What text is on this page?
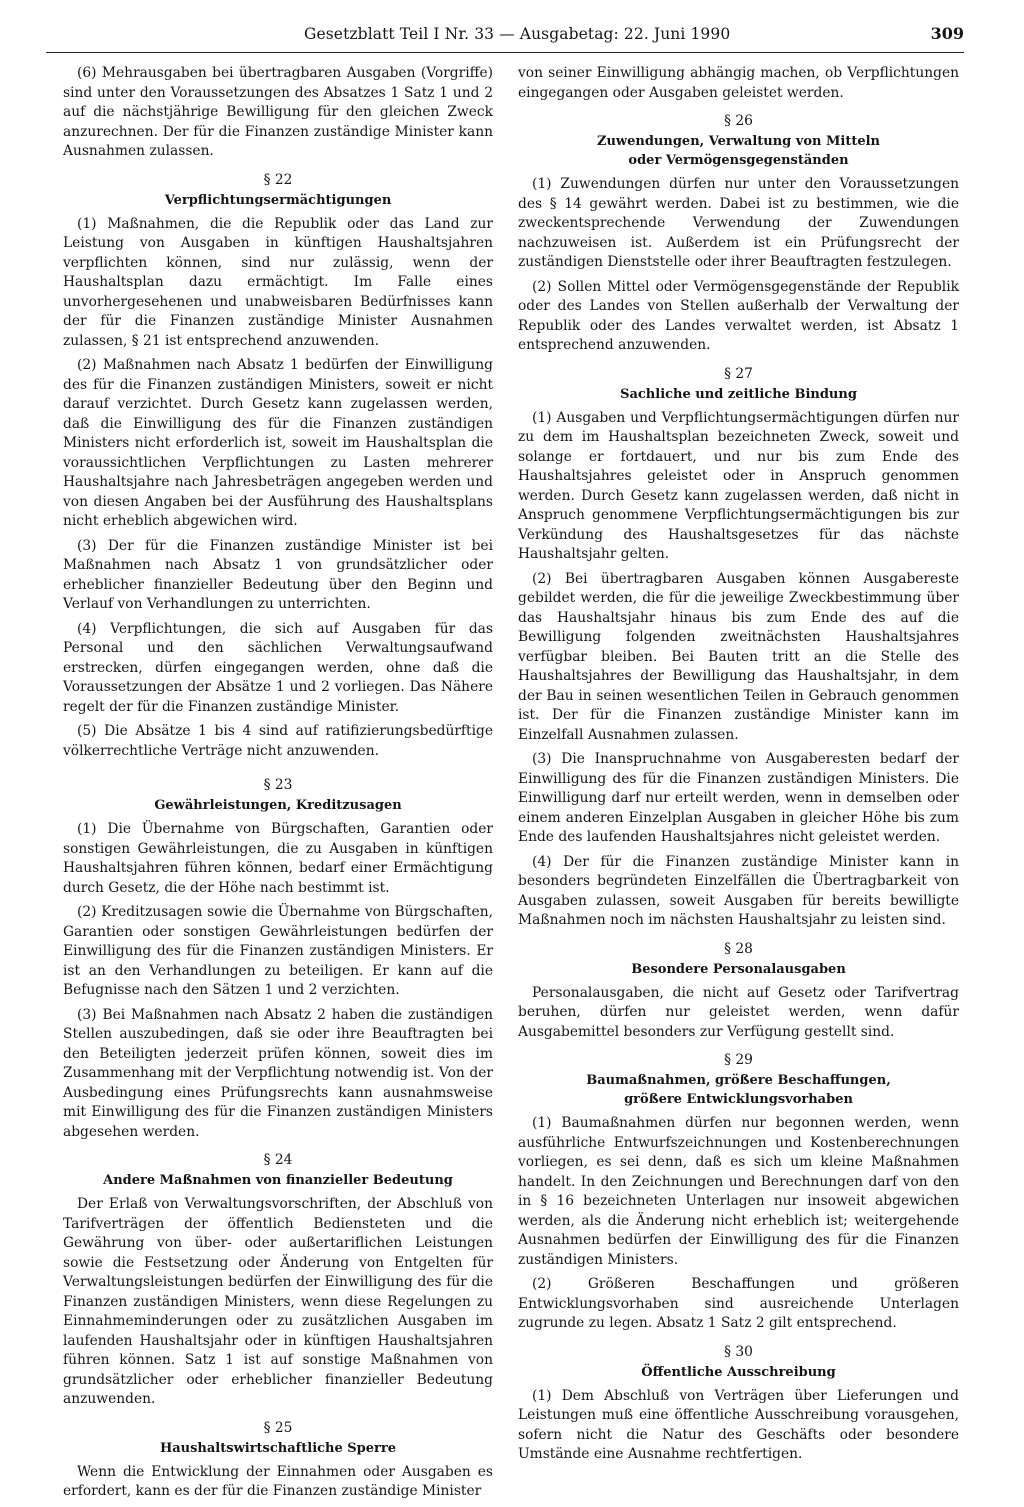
Gesetzblatt Teil I Nr. 33 — Ausgabetag: 22. Juni 1990	309

(6) Mehrausgaben bei übertragbaren Ausgaben (Vorgriffe) sind unter den Voraussetzungen des Absatzes 1 Satz 1 und 2 auf die nächstjährige Bewilligung für den gleichen Zweck anzurechnen. Der für die Finanzen zuständige Minister kann Ausnahmen zulassen.

§ 22
Verpflichtungsermächtigungen

(1) Maßnahmen, die die Republik oder das Land zur Leistung von Ausgaben in künftigen Haushaltsjahren verpflichten können, sind nur zulässig, wenn der Haushaltsplan dazu ermächtigt. Im Falle eines unvorhergesehenen und unabweisbaren Bedürfnisses kann der für die Finanzen zuständige Minister Ausnahmen zulassen, § 21 ist entsprechend anzuwenden.

(2) Maßnahmen nach Absatz 1 bedürfen der Einwilligung des für die Finanzen zuständigen Ministers, soweit er nicht darauf verzichtet. Durch Gesetz kann zugelassen werden, daß die Einwilligung des für die Finanzen zuständigen Ministers nicht erforderlich ist, soweit im Haushaltsplan die voraussichtlichen Verpflichtungen zu Lasten mehrerer Haushaltsjahre nach Jahresbeträgen angegeben werden und von diesen Angaben bei der Ausführung des Haushaltsplans nicht erheblich abgewichen wird.

(3) Der für die Finanzen zuständige Minister ist bei Maßnahmen nach Absatz 1 von grundsätzlicher oder erheblicher finanzieller Bedeutung über den Beginn und Verlauf von Verhandlungen zu unterrichten.

(4) Verpflichtungen, die sich auf Ausgaben für das Personal und den sächlichen Verwaltungsaufwand erstrecken, dürfen eingegangen werden, ohne daß die Voraussetzungen der Absätze 1 und 2 vorliegen. Das Nähere regelt der für die Finanzen zuständige Minister.

(5) Die Absätze 1 bis 4 sind auf ratifizierungsbedürftige völkerrechtliche Verträge nicht anzuwenden.

§ 23
Gewährleistungen, Kreditzusagen

(1) Die Übernahme von Bürgschaften, Garantien oder sonstigen Gewährleistungen, die zu Ausgaben in künftigen Haushaltsjahren führen können, bedarf einer Ermächtigung durch Gesetz, die der Höhe nach bestimmt ist.

(2) Kreditzusagen sowie die Übernahme von Bürgschaften, Garantien oder sonstigen Gewährleistungen bedürfen der Einwilligung des für die Finanzen zuständigen Ministers. Er ist an den Verhandlungen zu beteiligen. Er kann auf die Befugnisse nach den Sätzen 1 und 2 verzichten.

(3) Bei Maßnahmen nach Absatz 2 haben die zuständigen Stellen auszubedingen, daß sie oder ihre Beauftragten bei den Beteiligten jederzeit prüfen können, soweit dies im Zusammenhang mit der Verpflichtung notwendig ist. Von der Ausbedingung eines Prüfungsrechts kann ausnahmsweise mit Einwilligung des für die Finanzen zuständigen Ministers abgesehen werden.

§ 24
Andere Maßnahmen von finanzieller Bedeutung

Der Erlaß von Verwaltungsvorschriften, der Abschluß von Tarifverträgen der öffentlich Bediensteten und die Gewährung von über- oder außertariflichen Leistungen sowie die Festsetzung oder Änderung von Entgelten für Verwaltungsleistungen bedürfen der Einwilligung des für die Finanzen zuständigen Ministers, wenn diese Regelungen zu Einnahmeminderungen oder zu zusätzlichen Ausgaben im laufenden Haushaltsjahr oder in künftigen Haushaltsjahren führen können. Satz 1 ist auf sonstige Maßnahmen von grundsätzlicher oder erheblicher finanzieller Bedeutung anzuwenden.

§ 25
Haushaltswirtschaftliche Sperre

Wenn die Entwicklung der Einnahmen oder Ausgaben es erfordert, kann es der für die Finanzen zuständige Minister

von seiner Einwilligung abhängig machen, ob Verpflichtungen eingegangen oder Ausgaben geleistet werden.

§ 26
Zuwendungen, Verwaltung von Mitteln
oder Vermögensgegenständen

(1) Zuwendungen dürfen nur unter den Voraussetzungen des § 14 gewährt werden. Dabei ist zu bestimmen, wie die zweckentsprechende Verwendung der Zuwendungen nachzuweisen ist. Außerdem ist ein Prüfungsrecht der zuständigen Dienststelle oder ihrer Beauftragten festzulegen.

(2) Sollen Mittel oder Vermögensgegenstände der Republik oder des Landes von Stellen außerhalb der Verwaltung der Republik oder des Landes verwaltet werden, ist Absatz 1 entsprechend anzuwenden.

§ 27
Sachliche und zeitliche Bindung

(1) Ausgaben und Verpflichtungsermächtigungen dürfen nur zu dem im Haushaltsplan bezeichneten Zweck, soweit und solange er fortdauert, und nur bis zum Ende des Haushaltsjahres geleistet oder in Anspruch genommen werden. Durch Gesetz kann zugelassen werden, daß nicht in Anspruch genommene Verpflichtungsermächtigungen bis zur Verkündung des Haushaltsgesetzes für das nächste Haushaltsjahr gelten.

(2) Bei übertragbaren Ausgaben können Ausgabereste gebildet werden, die für die jeweilige Zweckbestimmung über das Haushaltsjahr hinaus bis zum Ende des auf die Bewilligung folgenden zweitnächsten Haushaltsjahres verfügbar bleiben. Bei Bauten tritt an die Stelle des Haushaltsjahres der Bewilligung das Haushaltsjahr, in dem der Bau in seinen wesentlichen Teilen in Gebrauch genommen ist. Der für die Finanzen zuständige Minister kann im Einzelfall Ausnahmen zulassen.

(3) Die Inanspruchnahme von Ausgaberesten bedarf der Einwilligung des für die Finanzen zuständigen Ministers. Die Einwilligung darf nur erteilt werden, wenn in demselben oder einem anderen Einzelplan Ausgaben in gleicher Höhe bis zum Ende des laufenden Haushaltsjahres nicht geleistet werden.

(4) Der für die Finanzen zuständige Minister kann in besonders begründeten Einzelfällen die Übertragbarkeit von Ausgaben zulassen, soweit Ausgaben für bereits bewilligte Maßnahmen noch im nächsten Haushaltsjahr zu leisten sind.

§ 28
Besondere Personalausgaben

Personalausgaben, die nicht auf Gesetz oder Tarifvertrag beruhen, dürfen nur geleistet werden, wenn dafür Ausgabemittel besonders zur Verfügung gestellt sind.

§ 29
Baumaßnahmen, größere Beschaffungen,
größere Entwicklungsvorhaben

(1) Baumaßnahmen dürfen nur begonnen werden, wenn ausführliche Entwurfszeichnungen und Kostenberechnungen vorliegen, es sei denn, daß es sich um kleine Maßnahmen handelt. In den Zeichnungen und Berechnungen darf von den in § 16 bezeichneten Unterlagen nur insoweit abgewichen werden, als die Änderung nicht erheblich ist; weitergehende Ausnahmen bedürfen der Einwilligung des für die Finanzen zuständigen Ministers.

(2) Größeren Beschaffungen und größeren Entwicklungsvorhaben sind ausreichende Unterlagen zugrunde zu legen. Absatz 1 Satz 2 gilt entsprechend.

§ 30
Öffentliche Ausschreibung

(1) Dem Abschluß von Verträgen über Lieferungen und Leistungen muß eine öffentliche Ausschreibung vorausgehen, sofern nicht die Natur des Geschäfts oder besondere Umstände eine Ausnahme rechtfertigen.
